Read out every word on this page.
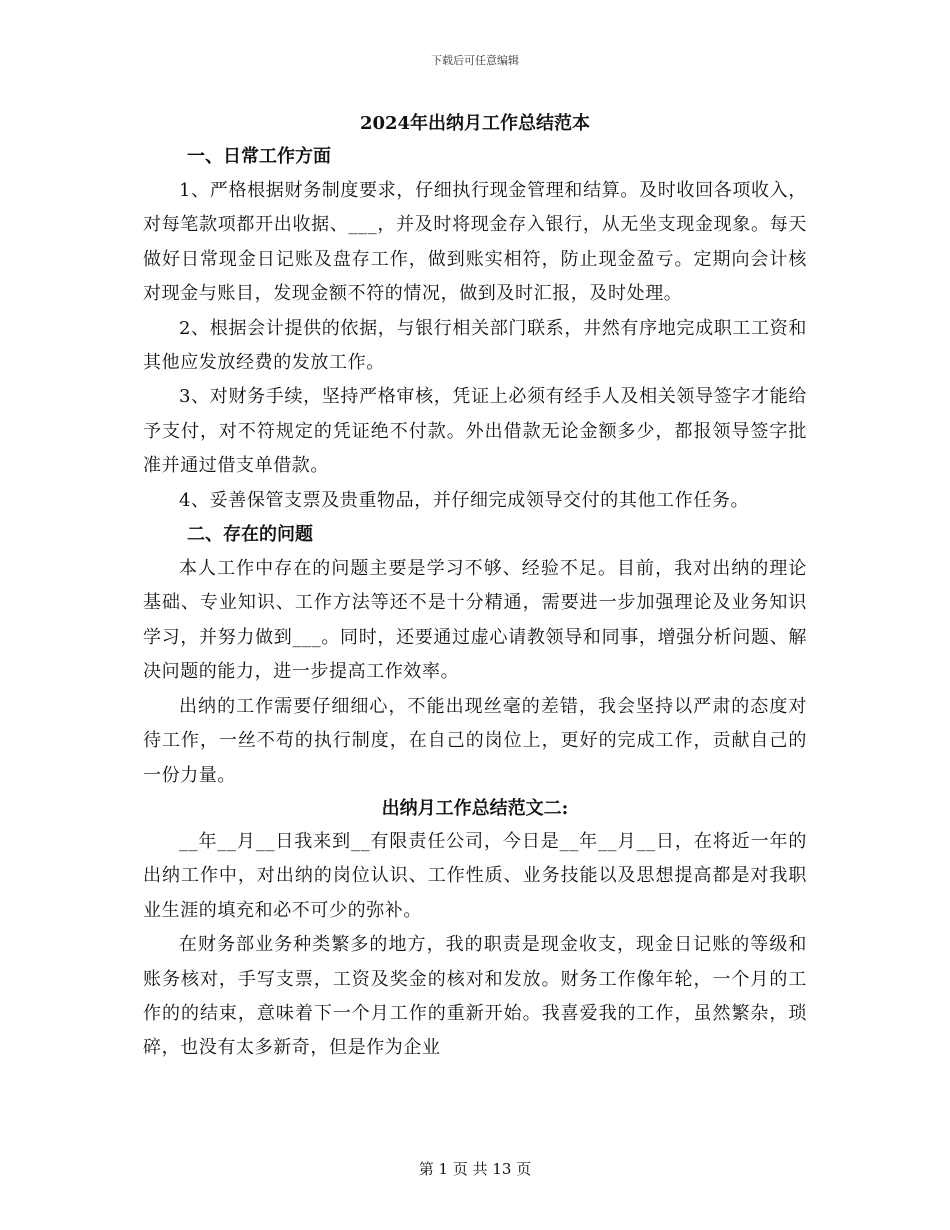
下载后可任意编辑
2024年出纳月工作总结范本
一、日常工作方面

1、严格根据财务制度要求，仔细执行现金管理和结算。及时收回各项收入，对每笔款项都开出收据、___，并及时将现金存入银行，从无坐支现金现象。每天做好日常现金日记账及盘存工作，做到账实相符，防止现金盈亏。定期向会计核对现金与账目，发现金额不符的情况，做到及时汇报，及时处理。

2、根据会计提供的依据，与银行相关部门联系，井然有序地完成职工工资和其他应发放经费的发放工作。

3、对财务手续，坚持严格审核，凭证上必须有经手人及相关领导签字才能给予支付，对不符规定的凭证绝不付款。外出借款无论金额多少，都报领导签字批准并通过借支单借款。

4、妥善保管支票及贵重物品，并仔细完成领导交付的其他工作任务。

二、存在的问题

本人工作中存在的问题主要是学习不够、经验不足。目前，我对出纳的理论基础、专业知识、工作方法等还不是十分精通，需要进一步加强理论及业务知识学习，并努力做到___。同时，还要通过虚心请教领导和同事，增强分析问题、解决问题的能力，进一步提高工作效率。

出纳的工作需要仔细细心，不能出现丝毫的差错，我会坚持以严肃的态度对待工作，一丝不苟的执行制度，在自己的岗位上，更好的完成工作，贡献自己的一份力量。

出纳月工作总结范文二:

__年__月__日我来到__有限责任公司，今日是__年__月__日，在将近一年的出纳工作中，对出纳的岗位认识、工作性质、业务技能以及思想提高都是对我职业生涯的填充和必不可少的弥补。

在财务部业务种类繁多的地方，我的职责是现金收支，现金日记账的等级和账务核对，手写支票，工资及奖金的核对和发放。财务工作像年轮，一个月的工作的的结束，意味着下一个月工作的重新开始。我喜爱我的工作，虽然繁杂，琐碎，也没有太多新奇，但是作为企业

第 1 页 共 13 页
